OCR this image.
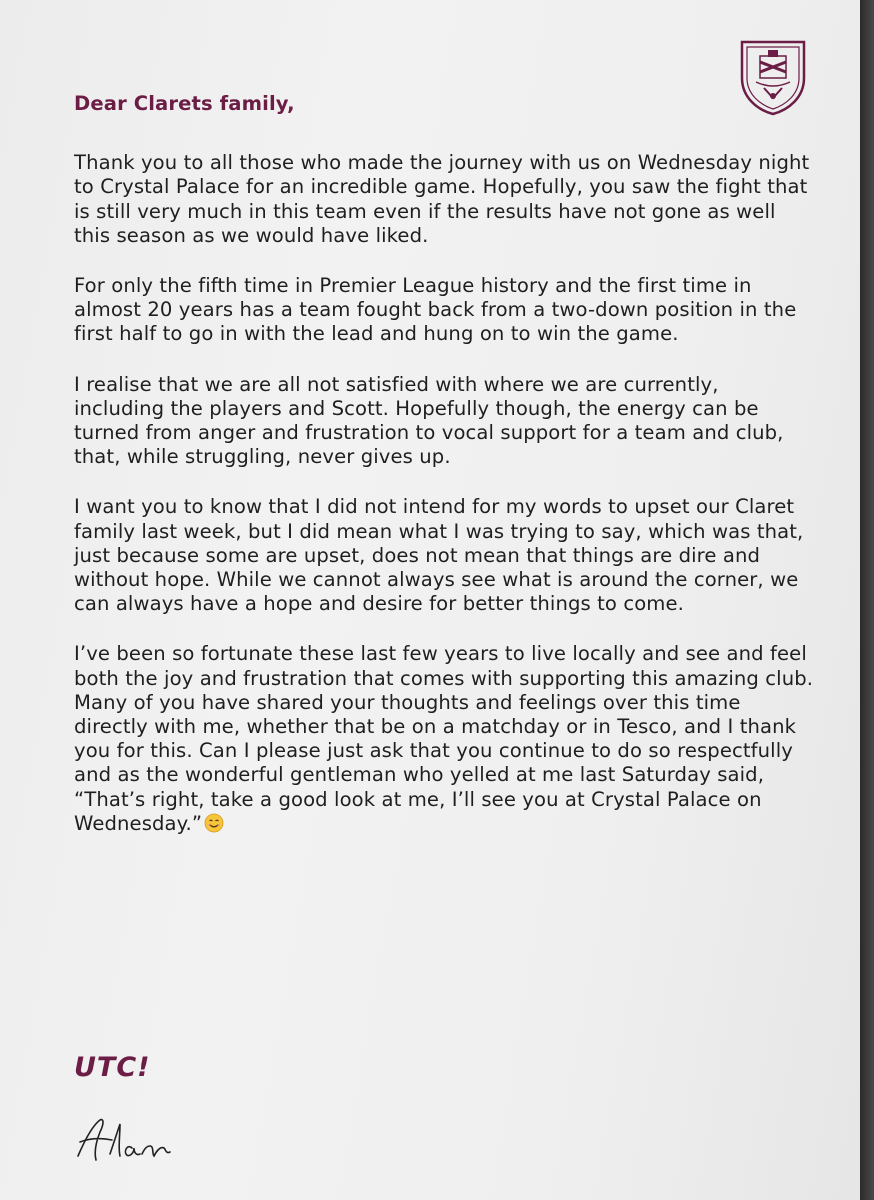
Dear Clarets family,

Thank you to all those who made the journey with us on Wednesday night to Crystal Palace for an incredible game. Hopefully, you saw the fight that is still very much in this team even if the results have not gone as well this season as we would have liked.

For only the fifth time in Premier League history and the first time in almost 20 years has a team fought back from a two-down position in the first half to go in with the lead and hung on to win the game.

I realise that we are all not satisfied with where we are currently, including the players and Scott. Hopefully though, the energy can be turned from anger and frustration to vocal support for a team and club, that, while struggling, never gives up.

I want you to know that I did not intend for my words to upset our Claret family last week, but I did mean what I was trying to say, which was that, just because some are upset, does not mean that things are dire and without hope. While we cannot always see what is around the corner, we can always have a hope and desire for better things to come.

I’ve been so fortunate these last few years to live locally and see and feel both the joy and frustration that comes with supporting this amazing club. Many of you have shared your thoughts and feelings over this time directly with me, whether that be on a matchday or in Tesco, and I thank you for this. Can I please just ask that you continue to do so respectfully and as the wonderful gentleman who yelled at me last Saturday said, “That’s right, take a good look at me, I’ll see you at Crystal Palace on Wednesday.”

UTC!
